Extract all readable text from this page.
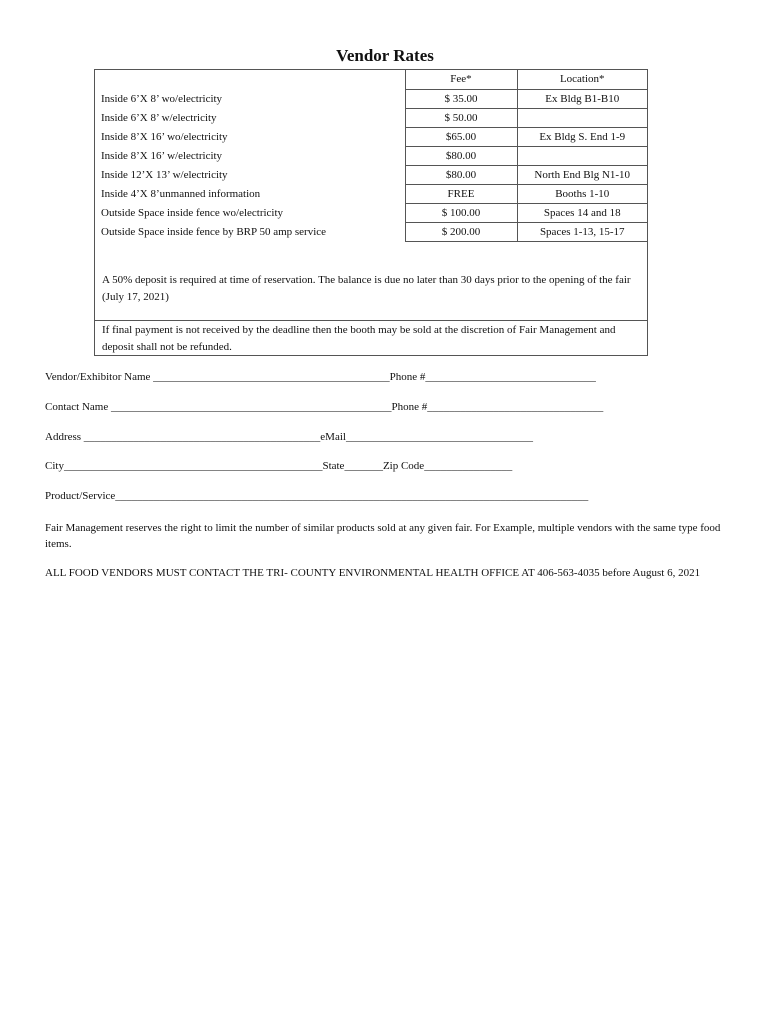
Vendor Rates
	Fee*	Location*
Inside 6’X 8’ wo/electricity	$ 35.00	Ex Bldg B1-B10
Inside 6’X 8’ w/electricity	$ 50.00	
Inside 8’X 16’ wo/electricity	$65.00	Ex Bldg S. End 1-9
Inside 8’X 16’ w/electricity	$80.00	
Inside 12’X 13’ w/electricity	$80.00	North End Blg N1-10
Inside 4’X 8’unmanned information	FREE	Booths 1-10
Outside Space inside fence wo/electricity	$ 100.00	Spaces 14 and 18
Outside Space inside fence by BRP 50 amp service	$ 200.00	Spaces 1-13, 15-17
A 50% deposit is required at time of reservation. The balance is due no later than 30 days prior to the opening of the fair (July 17, 2021)
If final payment is not received by the deadline then the booth may be sold at the discretion of Fair Management and deposit shall not be refunded.
Vendor/Exhibitor Name ___________________________________________Phone #_______________________________
Contact Name ___________________________________________________Phone #________________________________
Address ___________________________________________eMail__________________________________
City_______________________________________________State_______Zip Code________________
Product/Service______________________________________________________________________________________
Fair Management reserves the right to limit the number of similar products sold at any given fair. For Example, multiple vendors with the same type food items.
ALL FOOD VENDORS MUST CONTACT THE TRI- COUNTY ENVIRONMENTAL HEALTH OFFICE AT 406-563-4035 before August 6, 2021
